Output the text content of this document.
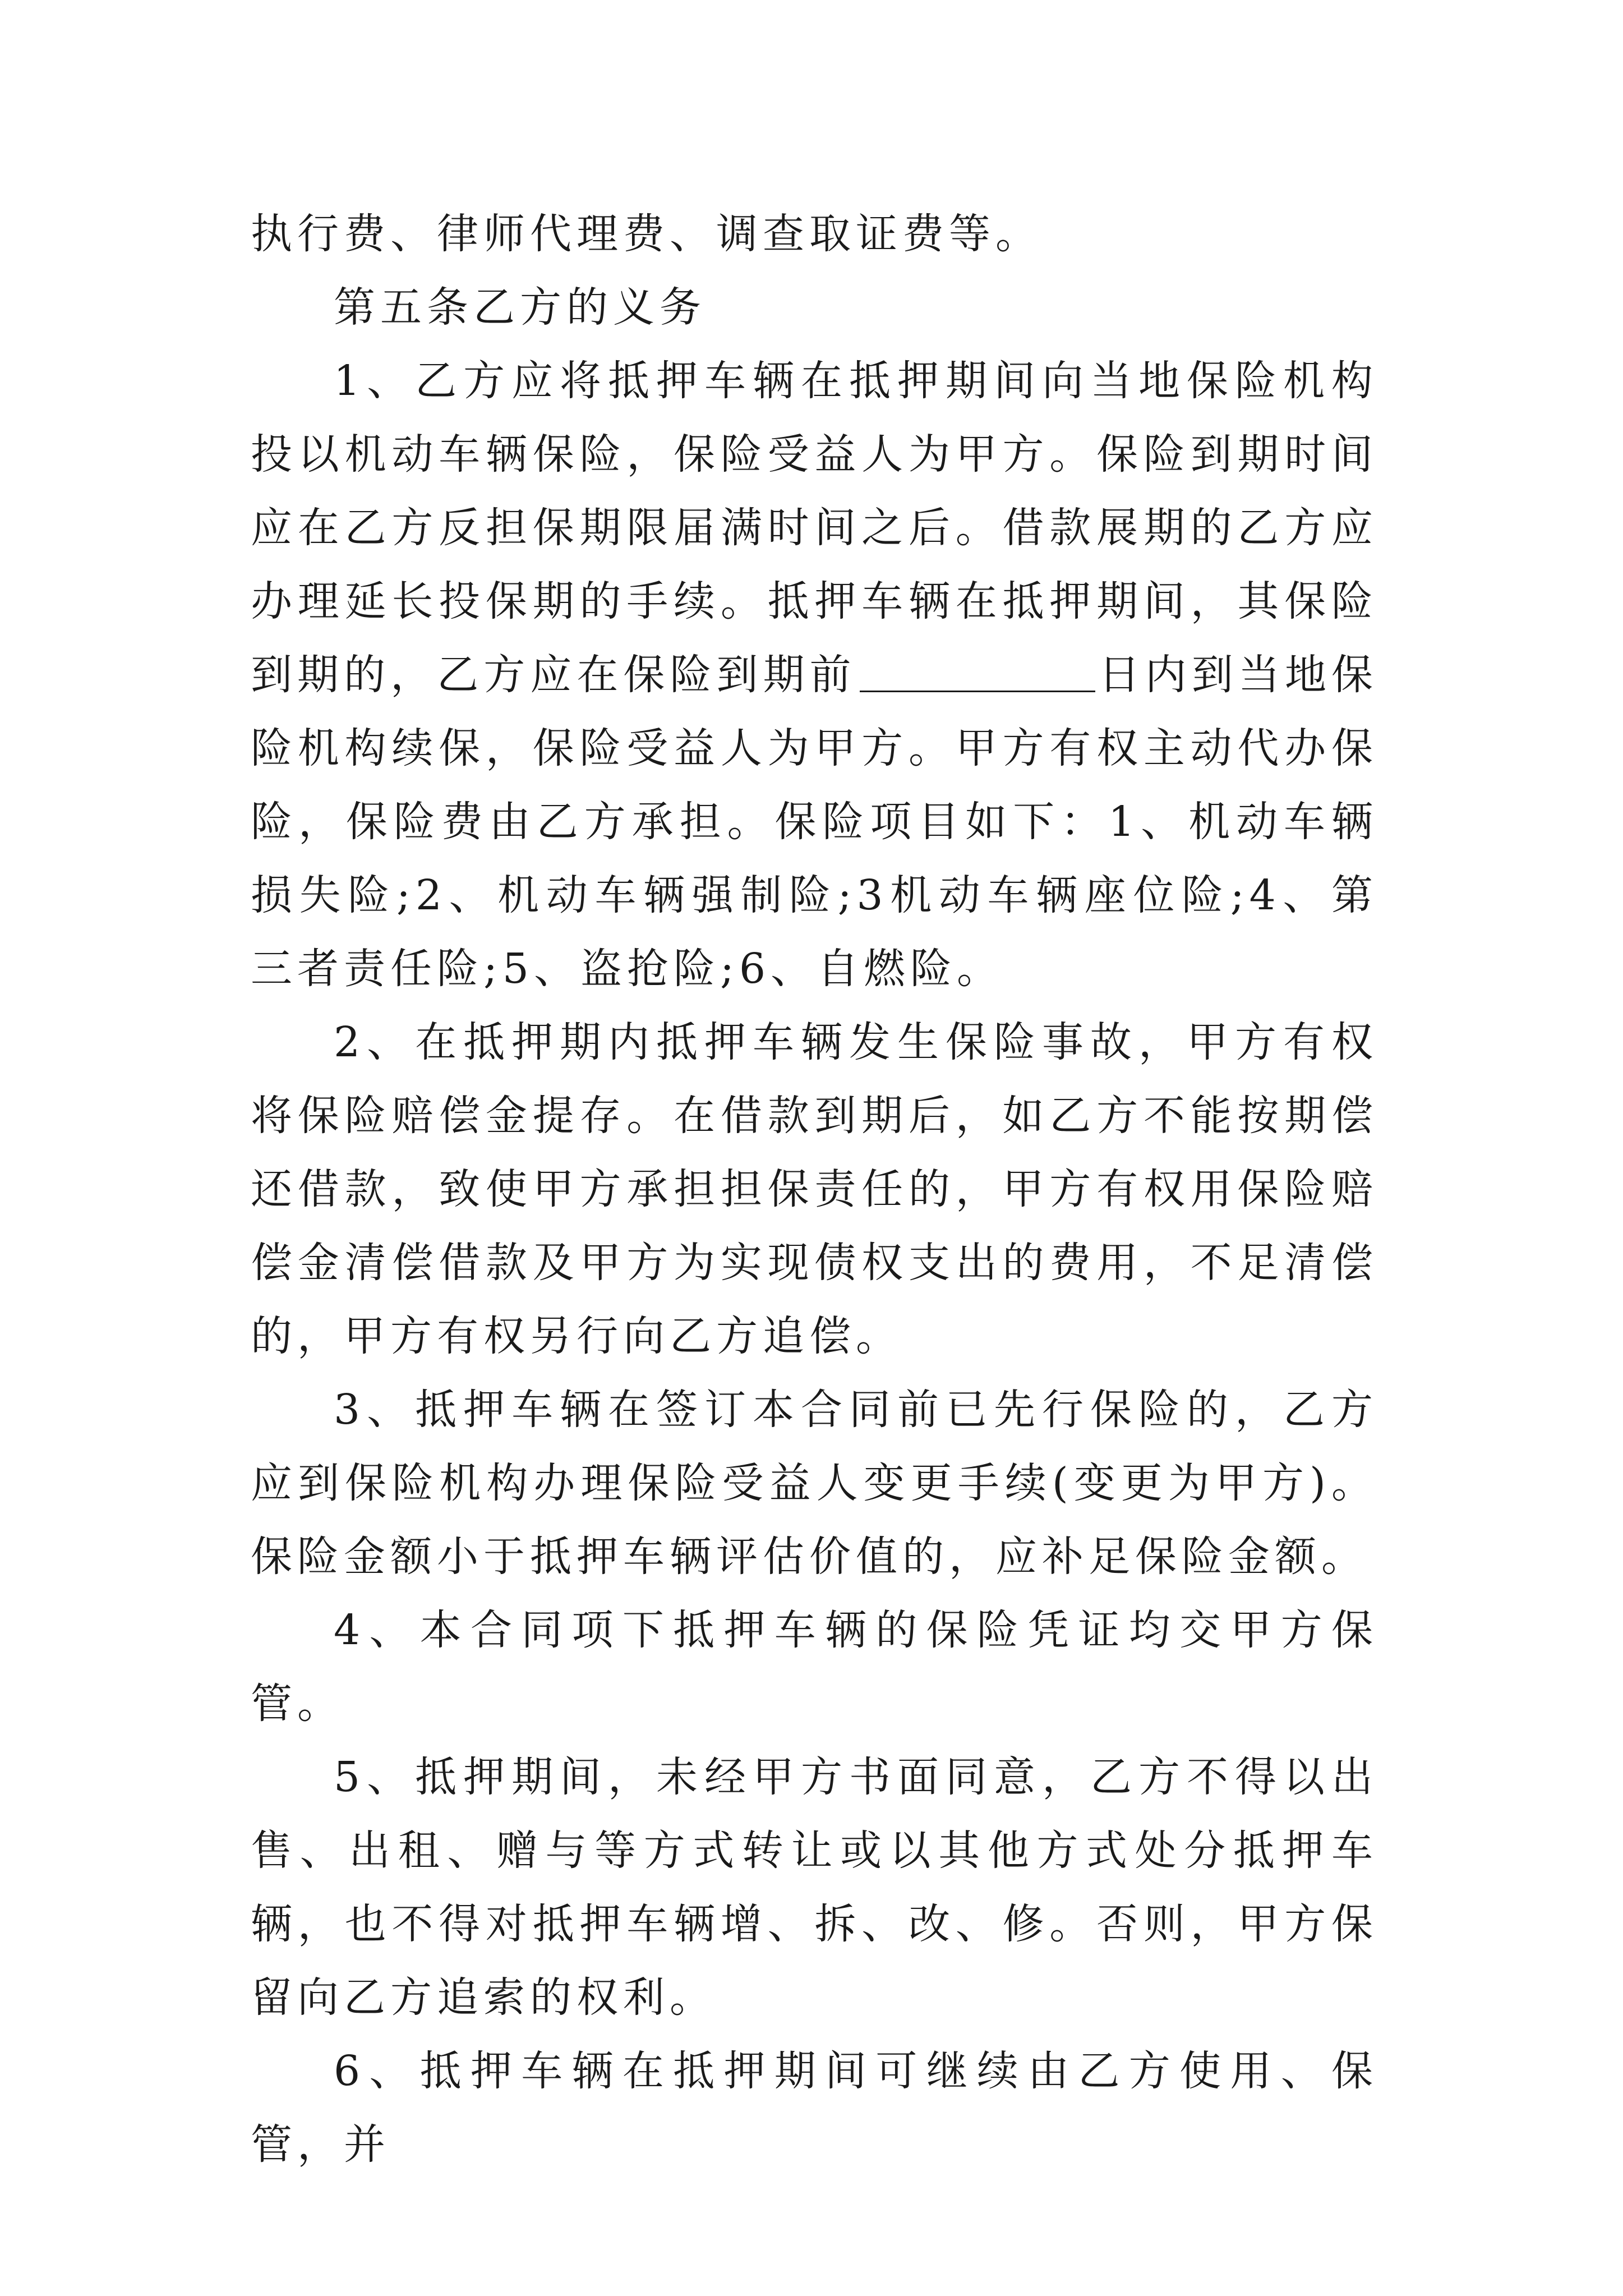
执行费、律师代理费、调查取证费等。

第五条乙方的义务

1、乙方应将抵押车辆在抵押期间向当地保险机构投以机动车辆保险，保险受益人为甲方。保险到期时间应在乙方反担保期限届满时间之后。借款展期的乙方应办理延长投保期的手续。抵押车辆在抵押期间，其保险到期的，乙方应在保险到期前	日内到当地保险机构续保，保险受益人为甲方。甲方有权主动代办保险，保险费由乙方承担。保险项目如下：1、机动车辆损失险;2、机动车辆强制险;3机动车辆座位险;4、第三者责任险;5、盗抢险;6、自燃险。

2、在抵押期内抵押车辆发生保险事故，甲方有权将保险赔偿金提存。在借款到期后，如乙方不能按期偿还借款，致使甲方承担担保责任的，甲方有权用保险赔偿金清偿借款及甲方为实现债权支出的费用，不足清偿的，甲方有权另行向乙方追偿。

3、抵押车辆在签订本合同前已先行保险的，乙方应到保险机构办理保险受益人变更手续(变更为甲方)。保险金额小于抵押车辆评估价值的，应补足保险金额。

4、本合同项下抵押车辆的保险凭证均交甲方保管。

5、抵押期间，未经甲方书面同意，乙方不得以出售、出租、赠与等方式转让或以其他方式处分抵押车辆，也不得对抵押车辆增、拆、改、修。否则，甲方保留向乙方追索的权利。

6、抵押车辆在抵押期间可继续由乙方使用、保管，并
